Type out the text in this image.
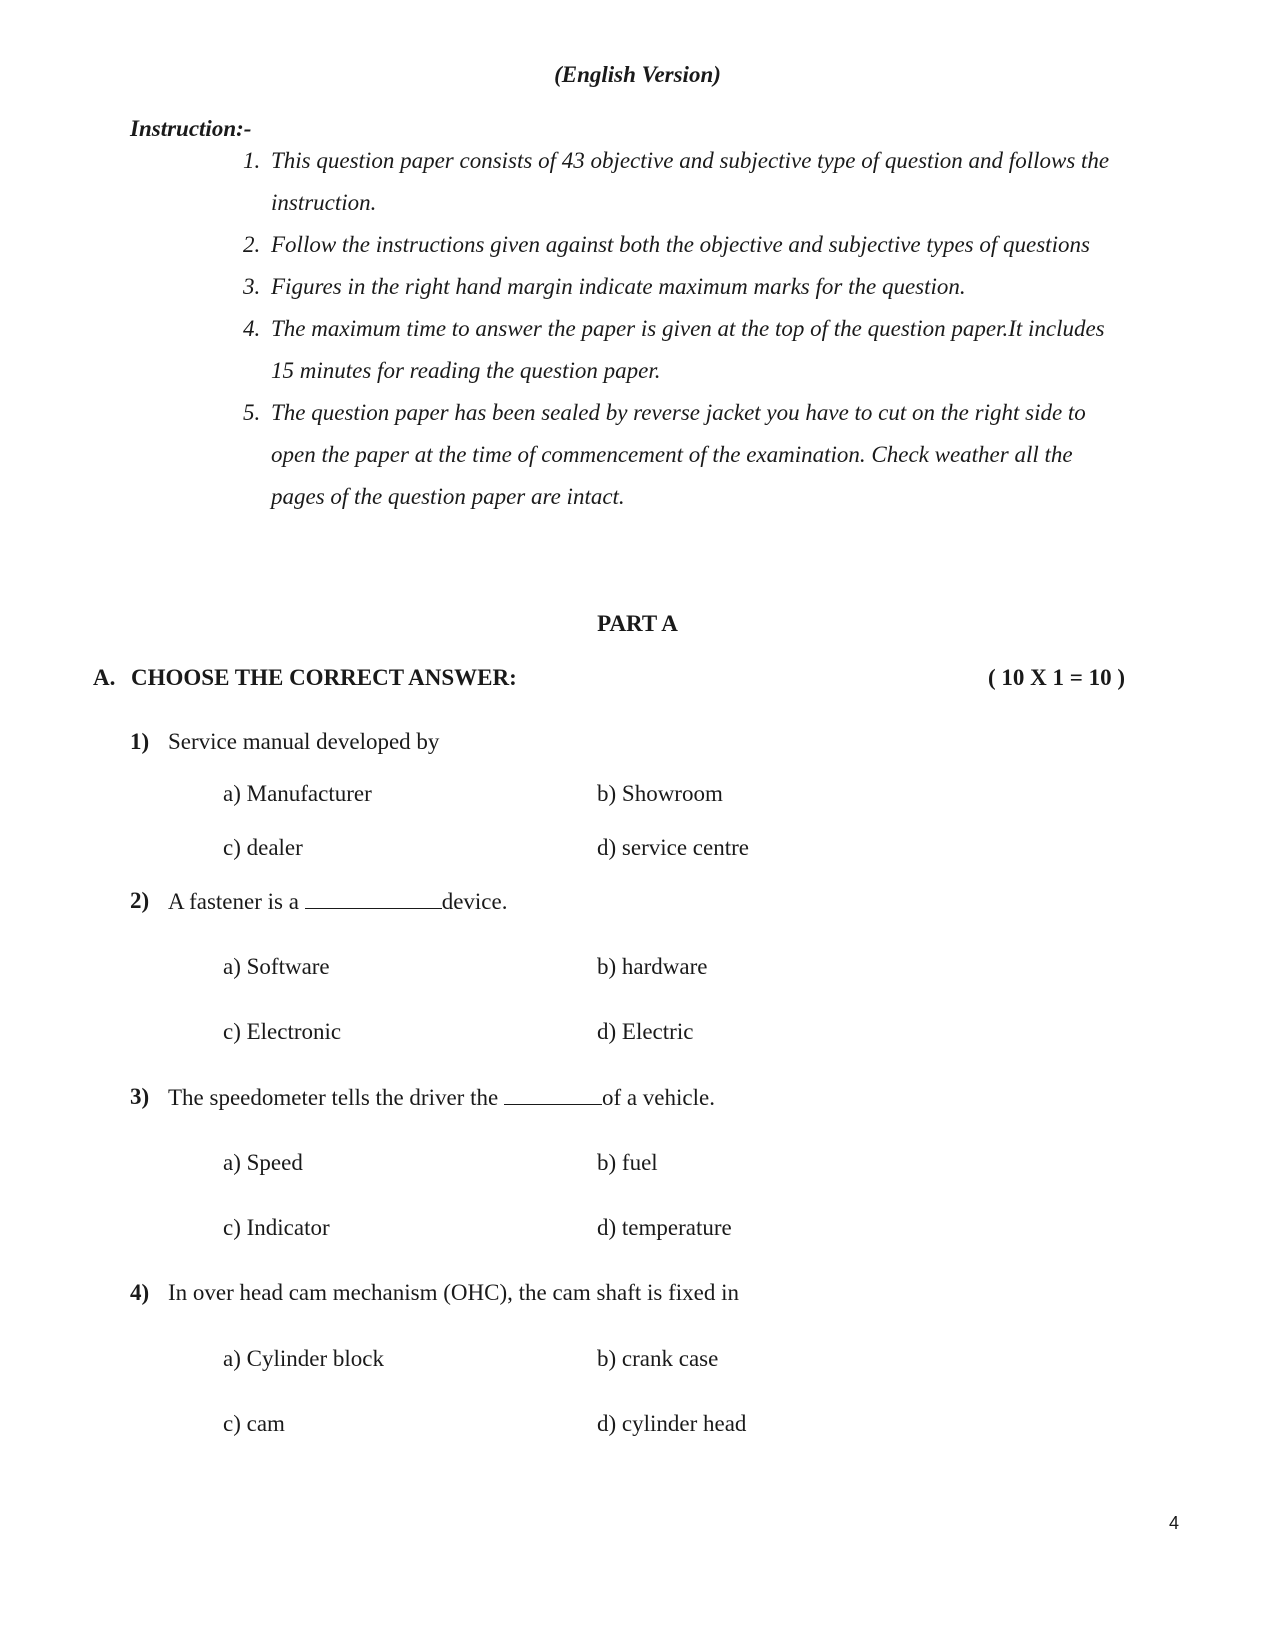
(English Version)
Instruction:-
1. This question paper consists of 43 objective and subjective type of question and follows the
instruction.
2. Follow the instructions given against both the objective and subjective types of questions
3. Figures in the right hand margin indicate maximum marks for the question.
4. The maximum time to answer the paper is given at the top of the question paper.It includes
15 minutes for reading the question paper.
5. The question paper has been sealed by reverse jacket you have to cut on the right side to
open the paper at the time of commencement of the examination. Check weather all the
pages of the question paper are intact.
PART A
A. CHOOSE THE CORRECT ANSWER:	( 10 X 1 = 10 )
1) Service manual developed by
a) Manufacturer	b) Showroom
c) dealer	d) service centre
2) A fastener is a	device.
a) Software	b) hardware
c) Electronic	d) Electric
3) The speedometer tells the driver the	of a vehicle.
a) Speed	b) fuel
c) Indicator	d) temperature
4) In over head cam mechanism (OHC), the cam shaft is fixed in
a) Cylinder block	b) crank case
c) cam	d) cylinder head
4
